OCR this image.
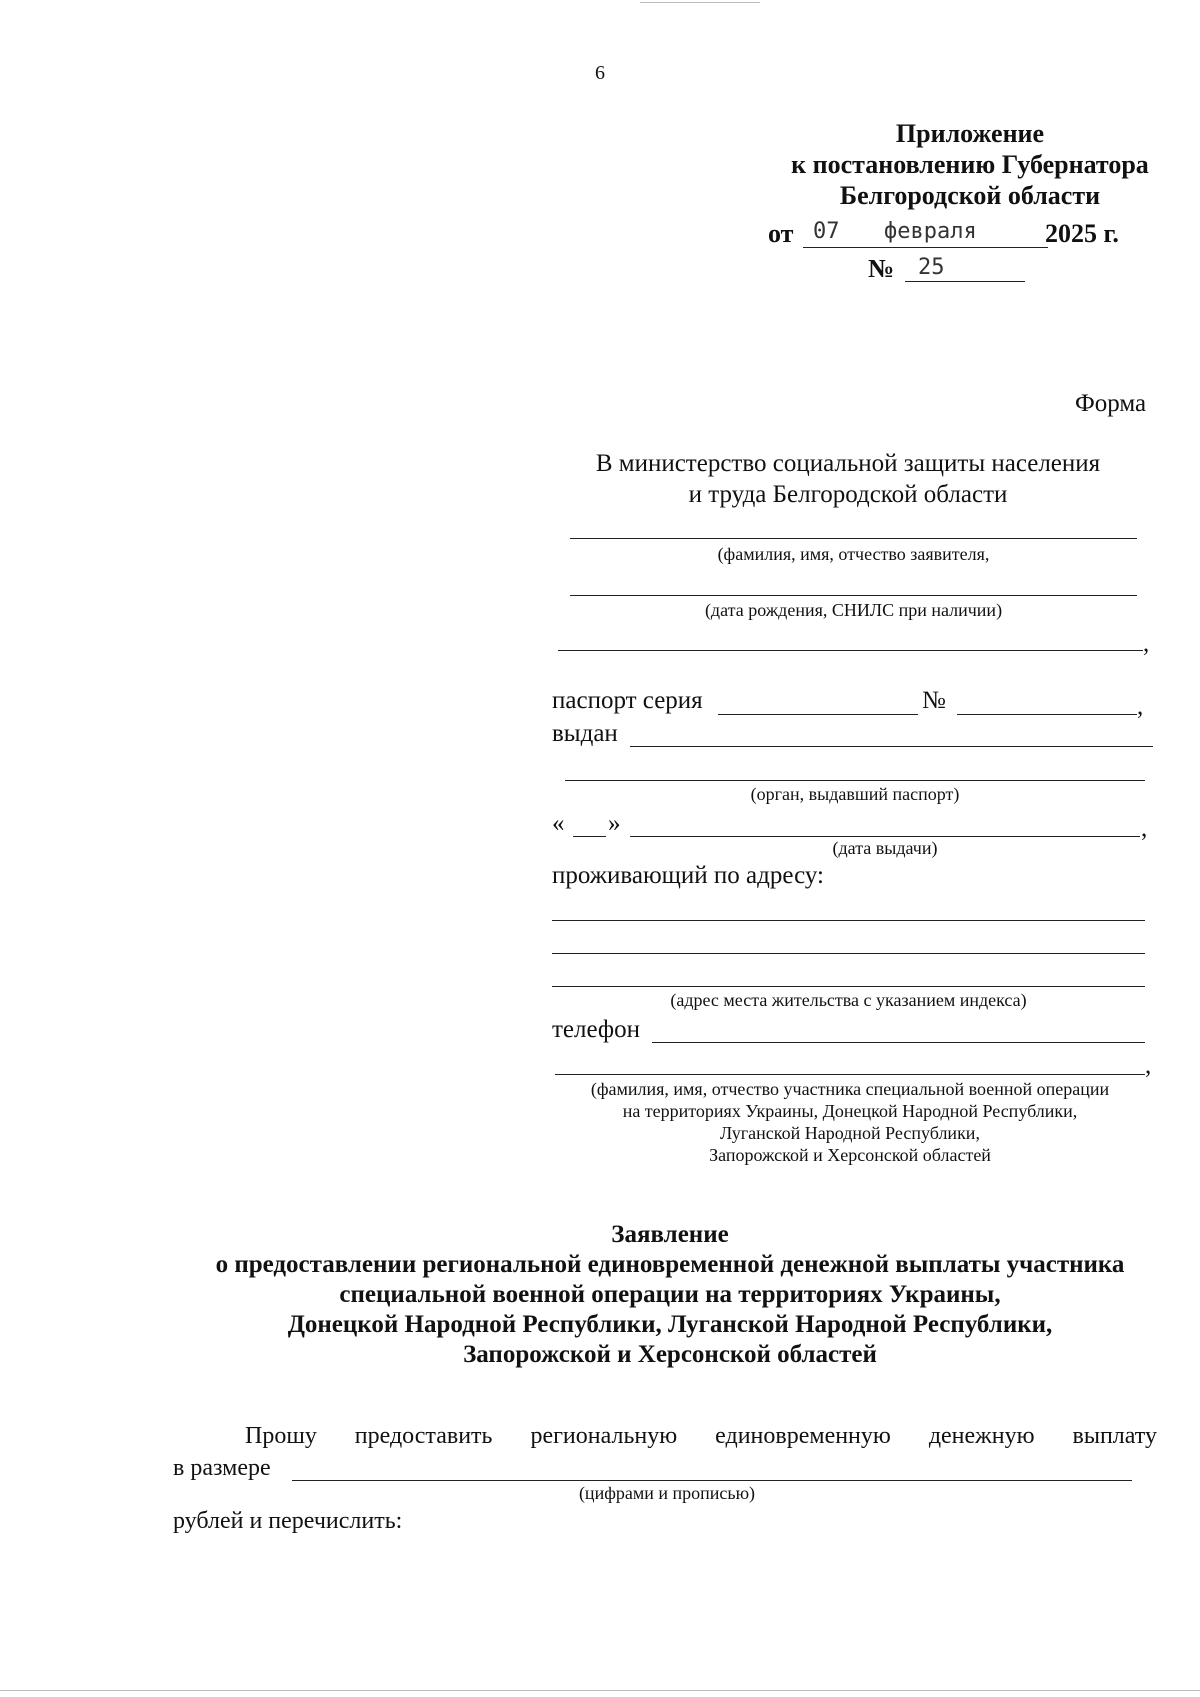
6
Приложение
к постановлению Губернатора
Белгородской области
от 07 февраля	2025 г.
№ 25
Форма
В министерство социальной защиты населения
и труда Белгородской области
(фамилия, имя, отчество заявителя,
(дата рождения, СНИЛС при наличии)
,
паспорт серия	№	,
выдан
(орган, выдавший паспорт)
« »	,
(дата выдачи)
проживающий по адресу:
(адрес места жительства с указанием индекса)
телефон
,
(фамилия, имя, отчество участника специальной военной операции
на территориях Украины, Донецкой Народной Республики,
Луганской Народной Республики,
Запорожской и Херсонской областей
Заявление
о предоставлении региональной единовременной денежной выплаты участника
специальной военной операции на территориях Украины,
Донецкой Народной Республики, Луганской Народной Республики,
Запорожской и Херсонской областей
Прошу предоставить региональную единовременную денежную выплату
в размере
(цифрами и прописью)
рублей и перечислить:
